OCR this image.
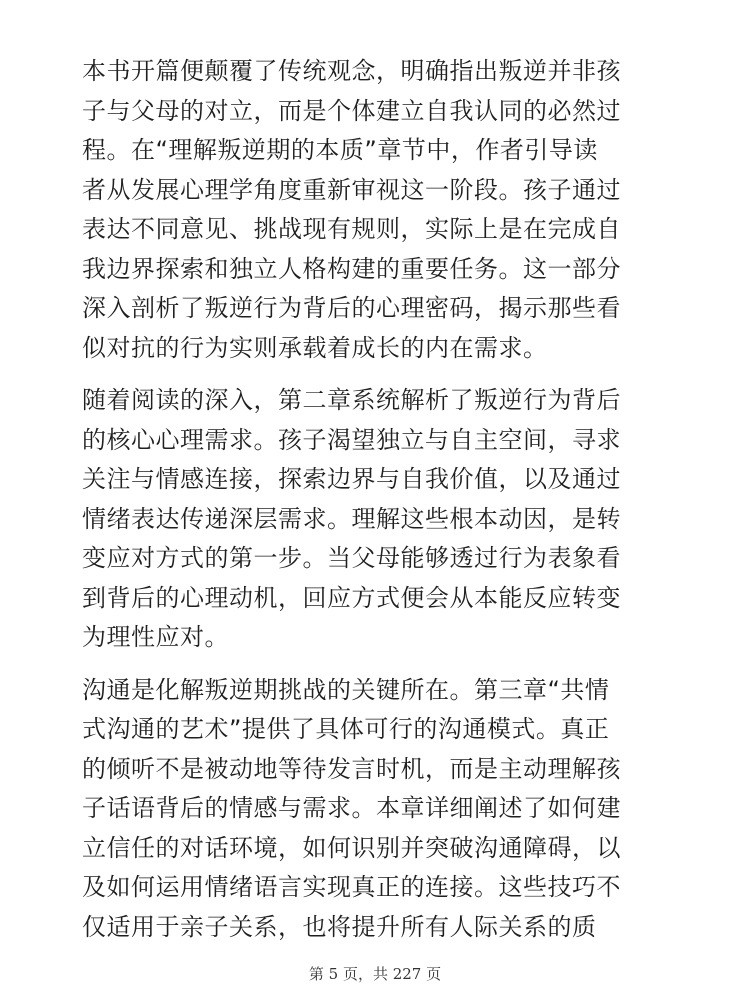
本书开篇便颠覆了传统观念，明确指出叛逆并非孩
子与父母的对立，而是个体建立自我认同的必然过
程。在“理解叛逆期的本质”章节中，作者引导读
者从发展心理学角度重新审视这一阶段。孩子通过
表达不同意见、挑战现有规则，实际上是在完成自
我边界探索和独立人格构建的重要任务。这一部分
深入剖析了叛逆行为背后的心理密码，揭示那些看
似对抗的行为实则承载着成长的内在需求。

随着阅读的深入，第二章系统解析了叛逆行为背后
的核心心理需求。孩子渴望独立与自主空间，寻求
关注与情感连接，探索边界与自我价值，以及通过
情绪表达传递深层需求。理解这些根本动因，是转
变应对方式的第一步。当父母能够透过行为表象看
到背后的心理动机，回应方式便会从本能反应转变
为理性应对。

沟通是化解叛逆期挑战的关键所在。第三章“共情
式沟通的艺术”提供了具体可行的沟通模式。真正
的倾听不是被动地等待发言时机，而是主动理解孩
子话语背后的情感与需求。本章详细阐述了如何建
立信任的对话环境，如何识别并突破沟通障碍，以
及如何运用情绪语言实现真正的连接。这些技巧不
仅适用于亲子关系，也将提升所有人际关系的质

第 5 页，共 227 页
